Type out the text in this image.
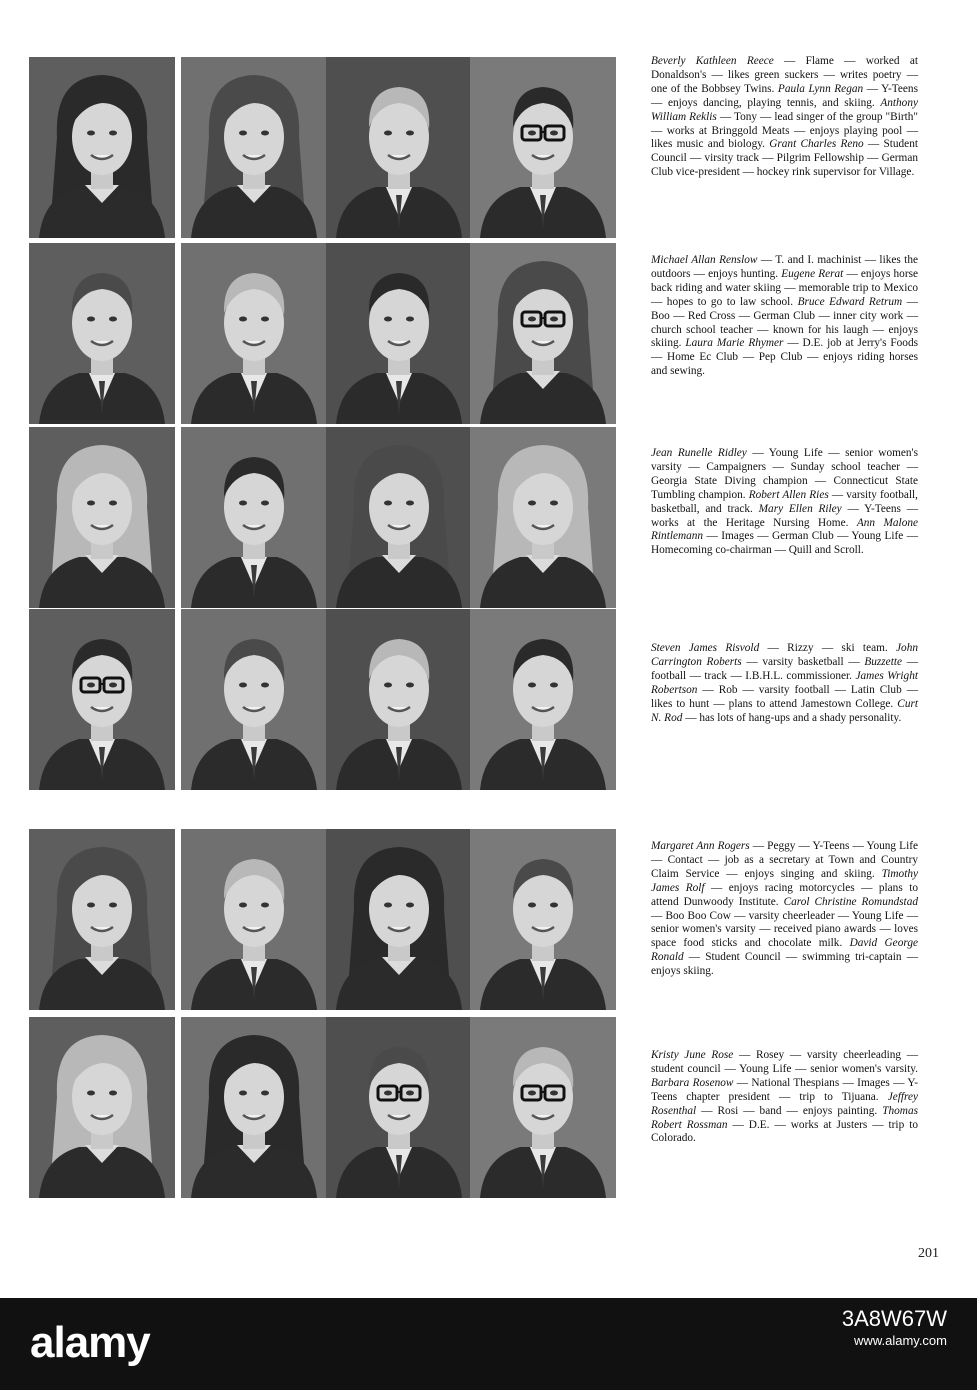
Beverly Kathleen Reece — Flame — worked at Donaldson's — likes green suckers — writes poetry — one of the Bobbsey Twins. Paula Lynn Regan — Y-Teens — enjoys dancing, playing tennis, and skiing. Anthony William Reklis — Tony — lead singer of the group "Birth" — works at Bringgold Meats — enjoys playing pool — likes music and biology. Grant Charles Reno — Student Council — virsity track — Pilgrim Fellowship — German Club vice-president — hockey rink supervisor for Village.

Michael Allan Renslow — T. and I. machinist — likes the outdoors — enjoys hunting. Eugene Rerat — enjoys horse back riding and water skiing — memorable trip to Mexico — hopes to go to law school. Bruce Edward Retrum — Boo — Red Cross — German Club — inner city work — church school teacher — known for his laugh — enjoys skiing. Laura Marie Rhymer — D.E. job at Jerry's Foods — Home Ec Club — Pep Club — enjoys riding horses and sewing.

Jean Runelle Ridley — Young Life — senior women's varsity — Campaigners — Sunday school teacher — Georgia State Diving champion — Connecticut State Tumbling champion. Robert Allen Ries — varsity football, basketball, and track. Mary Ellen Riley — Y-Teens — works at the Heritage Nursing Home. Ann Malone Rintlemann — Images — German Club — Young Life — Homecoming co-chairman — Quill and Scroll.

Steven James Risvold — Rizzy — ski team. John Carrington Roberts — varsity basketball — Buzzette — football — track — I.B.H.L. commissioner. James Wright Robertson — Rob — varsity football — Latin Club — likes to hunt — plans to attend Jamestown College. Curt N. Rod — has lots of hang-ups and a shady personality.

Margaret Ann Rogers — Peggy — Y-Teens — Young Life — Contact — job as a secretary at Town and Country Claim Service — enjoys singing and skiing. Timothy James Rolf — enjoys racing motorcycles — plans to attend Dunwoody Institute. Carol Christine Romundstad — Boo Boo Cow — varsity cheerleader — Young Life — senior women's varsity — received piano awards — loves space food sticks and chocolate milk. David George Ronald — Student Council — swimming tri-captain — enjoys skiing.

Kristy June Rose — Rosey — varsity cheerleading — student council — Young Life — senior women's varsity. Barbara Rosenow — National Thespians — Images — Y-Teens chapter president — trip to Tijuana. Jeffrey Rosenthal — Rosi — band — enjoys painting. Thomas Robert Rossman — D.E. — works at Justers — trip to Colorado.

201
alamy	3A8W67W
www.alamy.com
